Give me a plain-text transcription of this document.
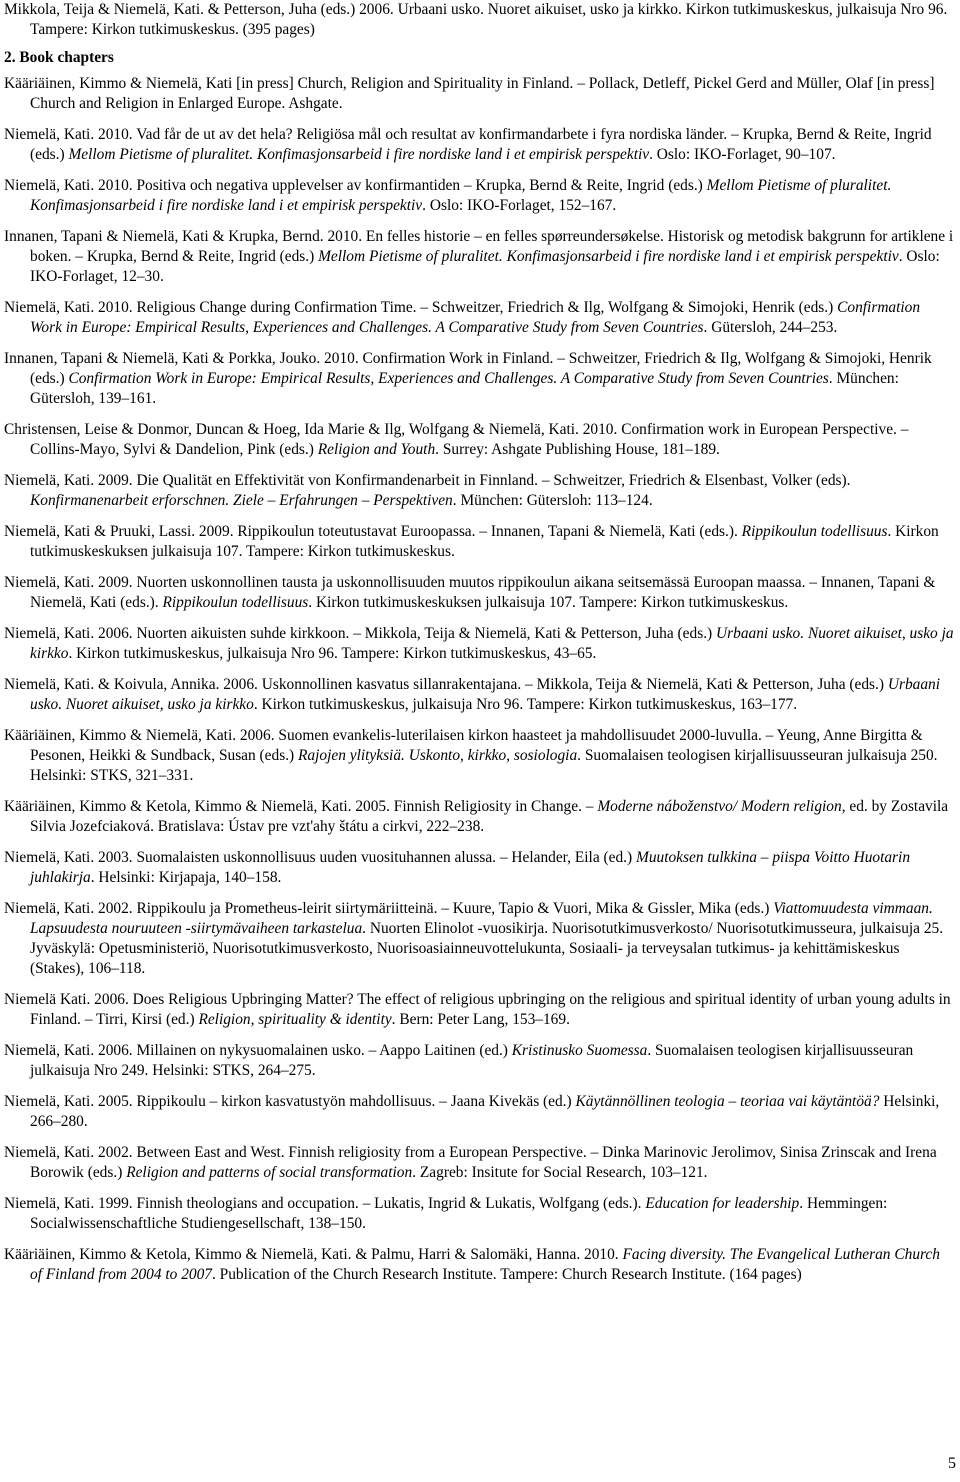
Mikkola, Teija & Niemelä, Kati. & Petterson, Juha (eds.) 2006. Urbaani usko. Nuoret aikuiset, usko ja kirkko. Kirkon tutkimuskeskus, julkaisuja Nro 96. Tampere: Kirkon tutkimuskeskus. (395 pages)

2. Book chapters

Kääriäinen, Kimmo & Niemelä, Kati [in press] Church, Religion and Spirituality in Finland. – Pollack, Detleff, Pickel Gerd and Müller, Olaf [in press] Church and Religion in Enlarged Europe. Ashgate.

Niemelä, Kati. 2010. Vad får de ut av det hela? Religiösa mål och resultat av konfirmandarbete i fyra nordiska länder. – Krupka, Bernd & Reite, Ingrid (eds.) Mellom Pietisme of pluralitet. Konfimasjonsarbeid i fire nordiske land i et empirisk perspektiv. Oslo: IKO-Forlaget, 90–107.

Niemelä, Kati. 2010. Positiva och negativa upplevelser av konfirmantiden – Krupka, Bernd & Reite, Ingrid (eds.) Mellom Pietisme of pluralitet. Konfimasjonsarbeid i fire nordiske land i et empirisk perspektiv. Oslo: IKO-Forlaget, 152–167.

Innanen, Tapani & Niemelä, Kati & Krupka, Bernd. 2010. En felles historie – en felles spørreundersøkelse. Historisk og metodisk bakgrunn for artiklene i boken. – Krupka, Bernd & Reite, Ingrid (eds.) Mellom Pietisme of pluralitet. Konfimasjonsarbeid i fire nordiske land i et empirisk perspektiv. Oslo: IKO-Forlaget, 12–30.

Niemelä, Kati. 2010. Religious Change during Confirmation Time. – Schweitzer, Friedrich & Ilg, Wolfgang & Simojoki, Henrik (eds.) Confirmation Work in Europe: Empirical Results, Experiences and Challenges. A Comparative Study from Seven Countries. Gütersloh, 244–253.

Innanen, Tapani & Niemelä, Kati & Porkka, Jouko. 2010. Confirmation Work in Finland. – Schweitzer, Friedrich & Ilg, Wolfgang & Simojoki, Henrik (eds.) Confirmation Work in Europe: Empirical Results, Experiences and Challenges. A Comparative Study from Seven Countries. München: Gütersloh, 139–161.

Christensen, Leise & Donmor, Duncan & Hoeg, Ida Marie & Ilg, Wolfgang & Niemelä, Kati. 2010. Confirmation work in European Perspective. – Collins-Mayo, Sylvi & Dandelion, Pink (eds.) Religion and Youth. Surrey: Ashgate Publishing House, 181–189.

Niemelä, Kati. 2009. Die Qualität en Effektivität von Konfirmandenarbeit in Finnland. – Schweitzer, Friedrich & Elsenbast, Volker (eds). Konfirmanenarbeit erforschnen. Ziele – Erfahrungen – Perspektiven. München: Gütersloh: 113–124.

Niemelä, Kati & Pruuki, Lassi. 2009. Rippikoulun toteutustavat Euroopassa. – Innanen, Tapani & Niemelä, Kati (eds.). Rippikoulun todellisuus. Kirkon tutkimuskeskuksen julkaisuja 107. Tampere: Kirkon tutkimuskeskus.

Niemelä, Kati. 2009. Nuorten uskonnollinen tausta ja uskonnollisuuden muutos rippikoulun aikana seitsemässä Euroopan maassa. – Innanen, Tapani & Niemelä, Kati (eds.). Rippikoulun todellisuus. Kirkon tutkimuskeskuksen julkaisuja 107. Tampere: Kirkon tutkimuskeskus.

Niemelä, Kati. 2006. Nuorten aikuisten suhde kirkkoon. – Mikkola, Teija & Niemelä, Kati & Petterson, Juha (eds.) Urbaani usko. Nuoret aikuiset, usko ja kirkko. Kirkon tutkimuskeskus, julkaisuja Nro 96. Tampere: Kirkon tutkimuskeskus, 43–65.

Niemelä, Kati. & Koivula, Annika. 2006. Uskonnollinen kasvatus sillanrakentajana. – Mikkola, Teija & Niemelä, Kati & Petterson, Juha (eds.) Urbaani usko. Nuoret aikuiset, usko ja kirkko. Kirkon tutkimuskeskus, julkaisuja Nro 96. Tampere: Kirkon tutkimuskeskus, 163–177.

Kääriäinen, Kimmo & Niemelä, Kati. 2006. Suomen evankelis-luterilaisen kirkon haasteet ja mahdollisuudet 2000-luvulla. – Yeung, Anne Birgitta & Pesonen, Heikki & Sundback, Susan (eds.) Rajojen ylityksiä. Uskonto, kirkko, sosiologia. Suomalaisen teologisen kirjallisuusseuran julkaisuja 250. Helsinki: STKS, 321–331.

Kääriäinen, Kimmo & Ketola, Kimmo & Niemelä, Kati. 2005. Finnish Religiosity in Change. – Moderne náboženstvo/ Modern religion, ed. by Zostavila Silvia Jozefciaková. Bratislava: Ústav pre vzt'ahy štátu a cirkvi, 222–238.

Niemelä, Kati. 2003. Suomalaisten uskonnollisuus uuden vuosituhannen alussa. – Helander, Eila (ed.) Muutoksen tulkkina – piispa Voitto Huotarin juhlakirja. Helsinki: Kirjapaja, 140–158.

Niemelä, Kati. 2002. Rippikoulu ja Prometheus-leirit siirtymäriitteinä. – Kuure, Tapio & Vuori, Mika & Gissler, Mika (eds.) Viattomuudesta vimmaan. Lapsuudesta nouruuteen -siirtymävaiheen tarkastelua. Nuorten Elinolot -vuosikirja. Nuorisotutkimusverkosto/ Nuorisotutkimusseura, julkaisuja 25. Jyväskylä: Opetusministeriö, Nuorisotutkimusverkosto, Nuorisoasiainneuvottelukunta, Sosiaali- ja terveysalan tutkimus- ja kehittämiskeskus (Stakes), 106–118.

Niemelä Kati. 2006. Does Religious Upbringing Matter? The effect of religious upbringing on the religious and spiritual identity of urban young adults in Finland. – Tirri, Kirsi (ed.) Religion, spirituality & identity. Bern: Peter Lang, 153–169.

Niemelä, Kati. 2006. Millainen on nykysuomalainen usko. – Aappo Laitinen (ed.) Kristinusko Suomessa. Suomalaisen teologisen kirjallisuusseuran julkaisuja Nro 249. Helsinki: STKS, 264–275.

Niemelä, Kati. 2005. Rippikoulu – kirkon kasvatustyön mahdollisuus. – Jaana Kivekäs (ed.) Käytännöllinen teologia – teoriaa vai käytäntöä? Helsinki, 266–280.

Niemelä, Kati. 2002. Between East and West. Finnish religiosity from a European Perspective. – Dinka Marinovic Jerolimov, Sinisa Zrinscak and Irena Borowik (eds.) Religion and patterns of social transformation. Zagreb: Insitute for Social Research, 103–121.

Niemelä, Kati. 1999. Finnish theologians and occupation. – Lukatis, Ingrid & Lukatis, Wolfgang (eds.). Education for leadership. Hemmingen: Socialwissenschaftliche Studiengesellschaft, 138–150.

Kääriäinen, Kimmo & Ketola, Kimmo & Niemelä, Kati. & Palmu, Harri & Salomäki, Hanna. 2010. Facing diversity. The Evangelical Lutheran Church of Finland from 2004 to 2007. Publication of the Church Research Institute. Tampere: Church Research Institute. (164 pages)

5
